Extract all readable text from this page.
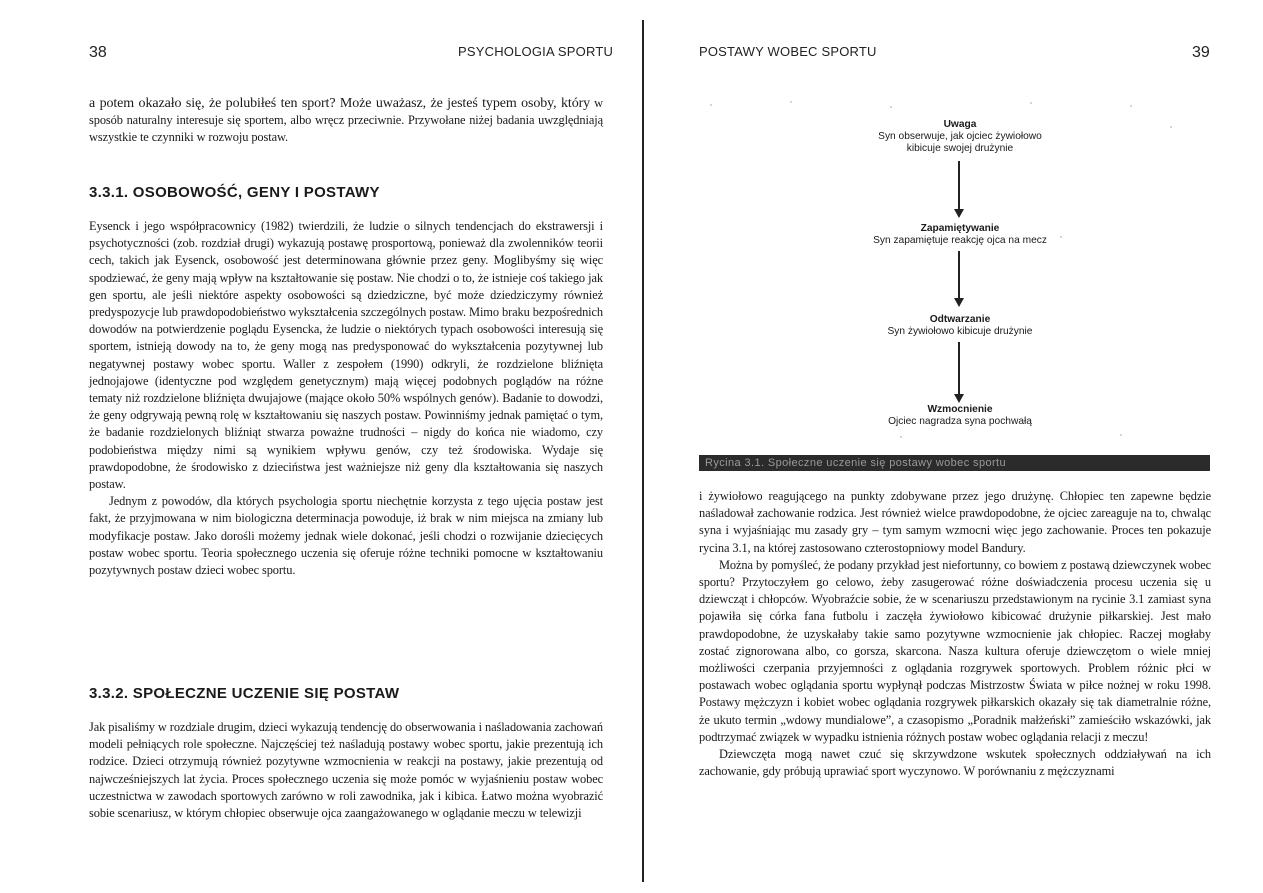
38	PSYCHOLOGIA SPORTU

a potem okazało się, że polubiłeś ten sport? Może uważasz, że jesteś typem osoby, który w sposób naturalny interesuje się sportem, albo wręcz przeciwnie. Przywołane niżej badania uwzględniają wszystkie te czynniki w rozwoju postaw.

3.3.1. OSOBOWOŚĆ, GENY I POSTAWY

Eysenck i jego współpracownicy (1982) twierdzili, że ludzie o silnych tendencjach do ekstrawersji i psychotyczności (zob. rozdział drugi) wykazują postawę prosportową, ponieważ dla zwolenników teorii cech, takich jak Eysenck, osobowość jest determinowana głównie przez geny. Moglibyśmy się więc spodziewać, że geny mają wpływ na kształtowanie się postaw. Nie chodzi o to, że istnieje coś takiego jak gen sportu, ale jeśli niektóre aspekty osobowości są dziedziczne, być może dziedziczymy również predyspozycje lub prawdopodobieństwo wykształcenia szczególnych postaw. Mimo braku bezpośrednich dowodów na potwierdzenie poglądu Eysencka, że ludzie o niektórych typach osobowości interesują się sportem, istnieją dowody na to, że geny mogą nas predysponować do wykształcenia pozytywnej lub negatywnej postawy wobec sportu. Waller z zespołem (1990) odkryli, że rozdzielone bliźnięta jednojajowe (identyczne pod względem genetycznym) mają więcej podobnych poglądów na różne tematy niż rozdzielone bliźnięta dwujajowe (mające około 50% wspólnych genów). Badanie to dowodzi, że geny odgrywają pewną rolę w kształtowaniu się naszych postaw. Powinniśmy jednak pamiętać o tym, że badanie rozdzielonych bliźniąt stwarza poważne trudności – nigdy do końca nie wiadomo, czy podobieństwa między nimi są wynikiem wpływu genów, czy też środowiska. Wydaje się prawdopodobne, że środowisko z dzieciństwa jest ważniejsze niż geny dla kształtowania się naszych postaw.

Jednym z powodów, dla których psychologia sportu niechętnie korzysta z tego ujęcia postaw jest fakt, że przyjmowana w nim biologiczna determinacja powoduje, iż brak w nim miejsca na zmiany lub modyfikacje postaw. Jako dorośli możemy jednak wiele dokonać, jeśli chodzi o rozwijanie dziecięcych postaw wobec sportu. Teoria społecznego uczenia się oferuje różne techniki pomocne w kształtowaniu pozytywnych postaw dzieci wobec sportu.

3.3.2. SPOŁECZNE UCZENIE SIĘ POSTAW

Jak pisaliśmy w rozdziale drugim, dzieci wykazują tendencję do obserwowania i naśladowania zachowań modeli pełniących role społeczne. Najczęściej też naśladują postawy wobec sportu, jakie prezentują ich rodzice. Dzieci otrzymują również pozytywne wzmocnienia w reakcji na postawy, jakie prezentują od najwcześniejszych lat życia. Proces społecznego uczenia się może pomóc w wyjaśnieniu postaw wobec uczestnictwa w zawodach sportowych zarówno w roli zawodnika, jak i kibica. Łatwo można wyobrazić sobie scenariusz, w którym chłopiec obserwuje ojca zaangażowanego w oglądanie meczu w telewizji

POSTAWY WOBEC SPORTU	39
Uwaga
Syn obserwuje, jak ojciec żywiołowo kibicuje swojej drużynie
Zapamiętywanie
Syn zapamiętuje reakcję ojca na mecz
Odtwarzanie
Syn żywiołowo kibicuje drużynie
Wzmocnienie
Ojciec nagradza syna pochwałą
Rycina 3.1. Społeczne uczenie się postawy wobec sportu

i żywiołowo reagującego na punkty zdobywane przez jego drużynę. Chłopiec ten zapewne będzie naśladował zachowanie rodzica. Jest również wielce prawdopodobne, że ojciec zareaguje na to, chwaląc syna i wyjaśniając mu zasady gry – tym samym wzmocni więc jego zachowanie. Proces ten pokazuje rycina 3.1, na której zastosowano czterostopniowy model Bandury.

Można by pomyśleć, że podany przykład jest niefortunny, co bowiem z postawą dziewczynek wobec sportu? Przytoczyłem go celowo, żeby zasugerować różne doświadczenia procesu uczenia się u dziewcząt i chłopców. Wyobraźcie sobie, że w scenariuszu przedstawionym na rycinie 3.1 zamiast syna pojawiła się córka fana futbolu i zaczęła żywiołowo kibicować drużynie piłkarskiej. Jest mało prawdopodobne, że uzyskałaby takie samo pozytywne wzmocnienie jak chłopiec. Raczej mogłaby zostać zignorowana albo, co gorsza, skarcona. Nasza kultura oferuje dziewczętom o wiele mniej możliwości czerpania przyjemności z oglądania rozgrywek sportowych. Problem różnic płci w postawach wobec oglądania sportu wypłynął podczas Mistrzostw Świata w piłce nożnej w roku 1998. Postawy mężczyzn i kobiet wobec oglądania rozgrywek piłkarskich okazały się tak diametralnie różne, że ukuto termin „wdowy mundialowe”, a czasopismo „Poradnik małżeński” zamieściło wskazówki, jak podtrzymać związek w wypadku istnienia różnych postaw wobec oglądania relacji z meczu!

Dziewczęta mogą nawet czuć się skrzywdzone wskutek społecznych oddziaływań na ich zachowanie, gdy próbują uprawiać sport wyczynowo. W porównaniu z mężczyznami
